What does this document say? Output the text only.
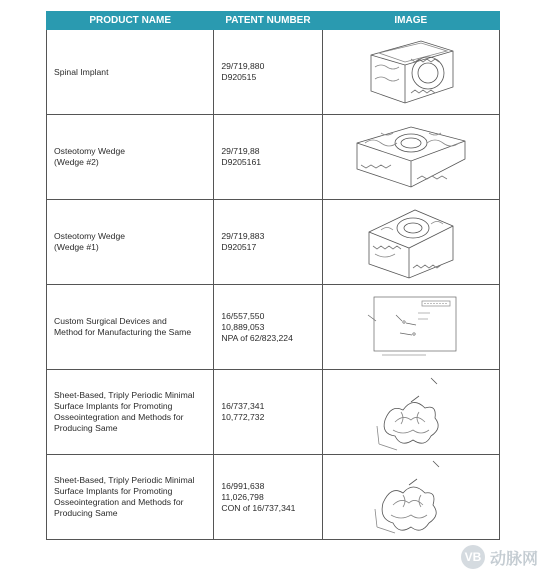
PRODUCT NAME	PATENT NUMBER	IMAGE

Spinal Implant	29/719,880
D920515

Osteotomy Wedge
(Wedge #2)	29/719,88
D9205161

Osteotomy Wedge
(Wedge #1)	29/719,883
D920517

Custom Surgical Devices and
Method for Manufacturing the Same	16/557,550
10,889,053
NPA of 62/823,224

Sheet-Based, Triply Periodic Minimal
Surface Implants for Promoting
Osseointegration and Methods for
Producing Same	16/737,341
10,772,732

Sheet-Based, Triply Periodic Minimal
Surface Implants for Promoting
Osseointegration and Methods for
Producing Same	16/991,638
11,026,798
CON of 16/737,341

VB 动脉网
